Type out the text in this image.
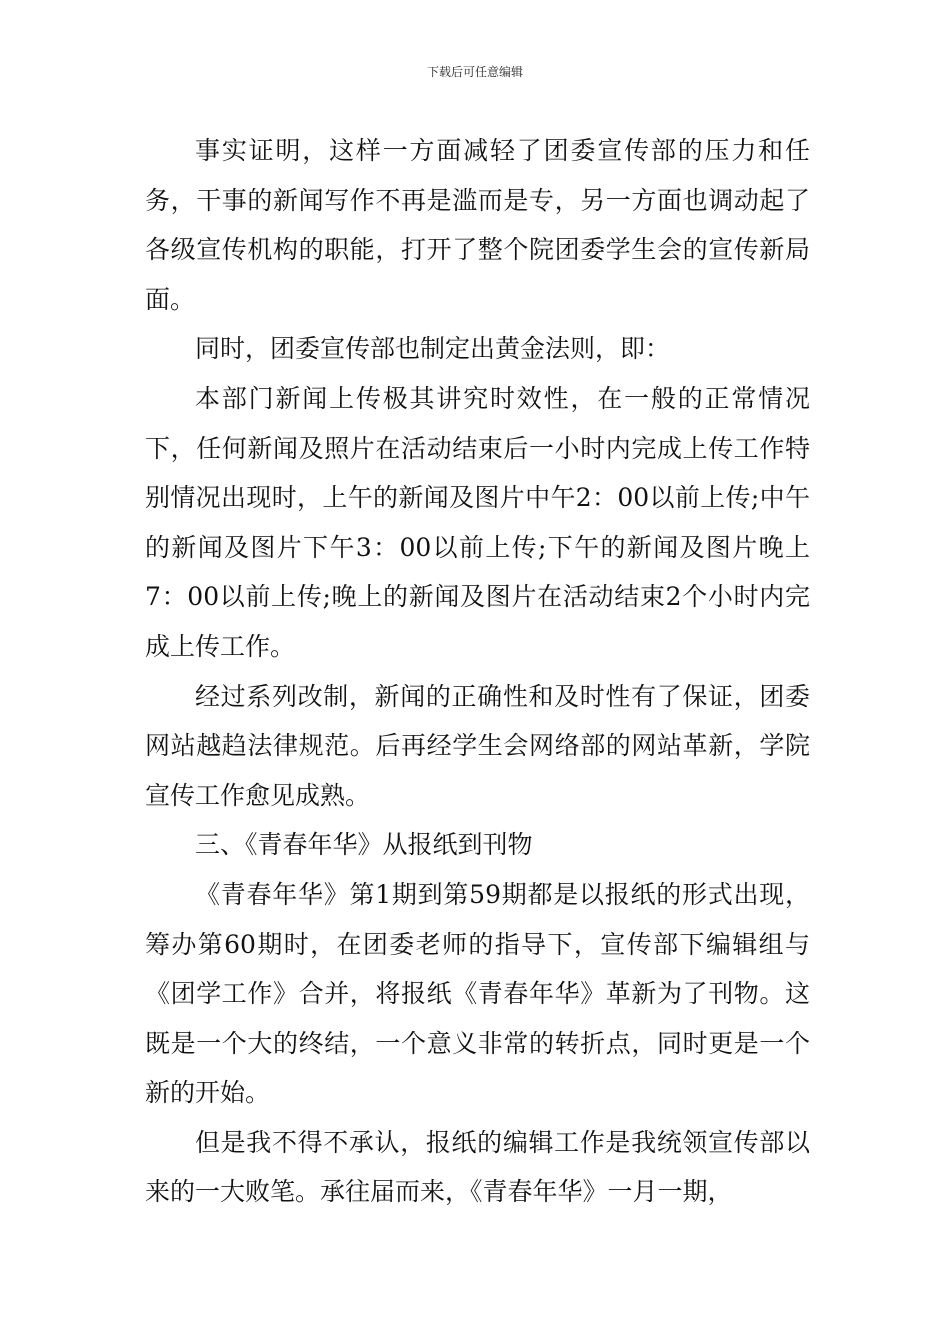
下载后可任意编辑

事实证明，这样一方面减轻了团委宣传部的压力和任务，干事的新闻写作不再是滥而是专，另一方面也调动起了各级宣传机构的职能，打开了整个院团委学生会的宣传新局面。

同时，团委宣传部也制定出黄金法则，即：

本部门新闻上传极其讲究时效性，在一般的正常情况下，任何新闻及照片在活动结束后一小时内完成上传工作特别情况出现时，上午的新闻及图片中午2：00以前上传;中午的新闻及图片下午3：00以前上传;下午的新闻及图片晚上7：00以前上传;晚上的新闻及图片在活动结束2个小时内完成上传工作。

经过系列改制，新闻的正确性和及时性有了保证，团委网站越趋法律规范。后再经学生会网络部的网站革新，学院宣传工作愈见成熟。

三、《青春年华》从报纸到刊物

《青春年华》第1期到第59期都是以报纸的形式出现，筹办第60期时，在团委老师的指导下，宣传部下编辑组与《团学工作》合并，将报纸《青春年华》革新为了刊物。这既是一个大的终结，一个意义非常的转折点，同时更是一个新的开始。

但是我不得不承认，报纸的编辑工作是我统领宣传部以来的一大败笔。承往届而来，《青春年华》一月一期，
